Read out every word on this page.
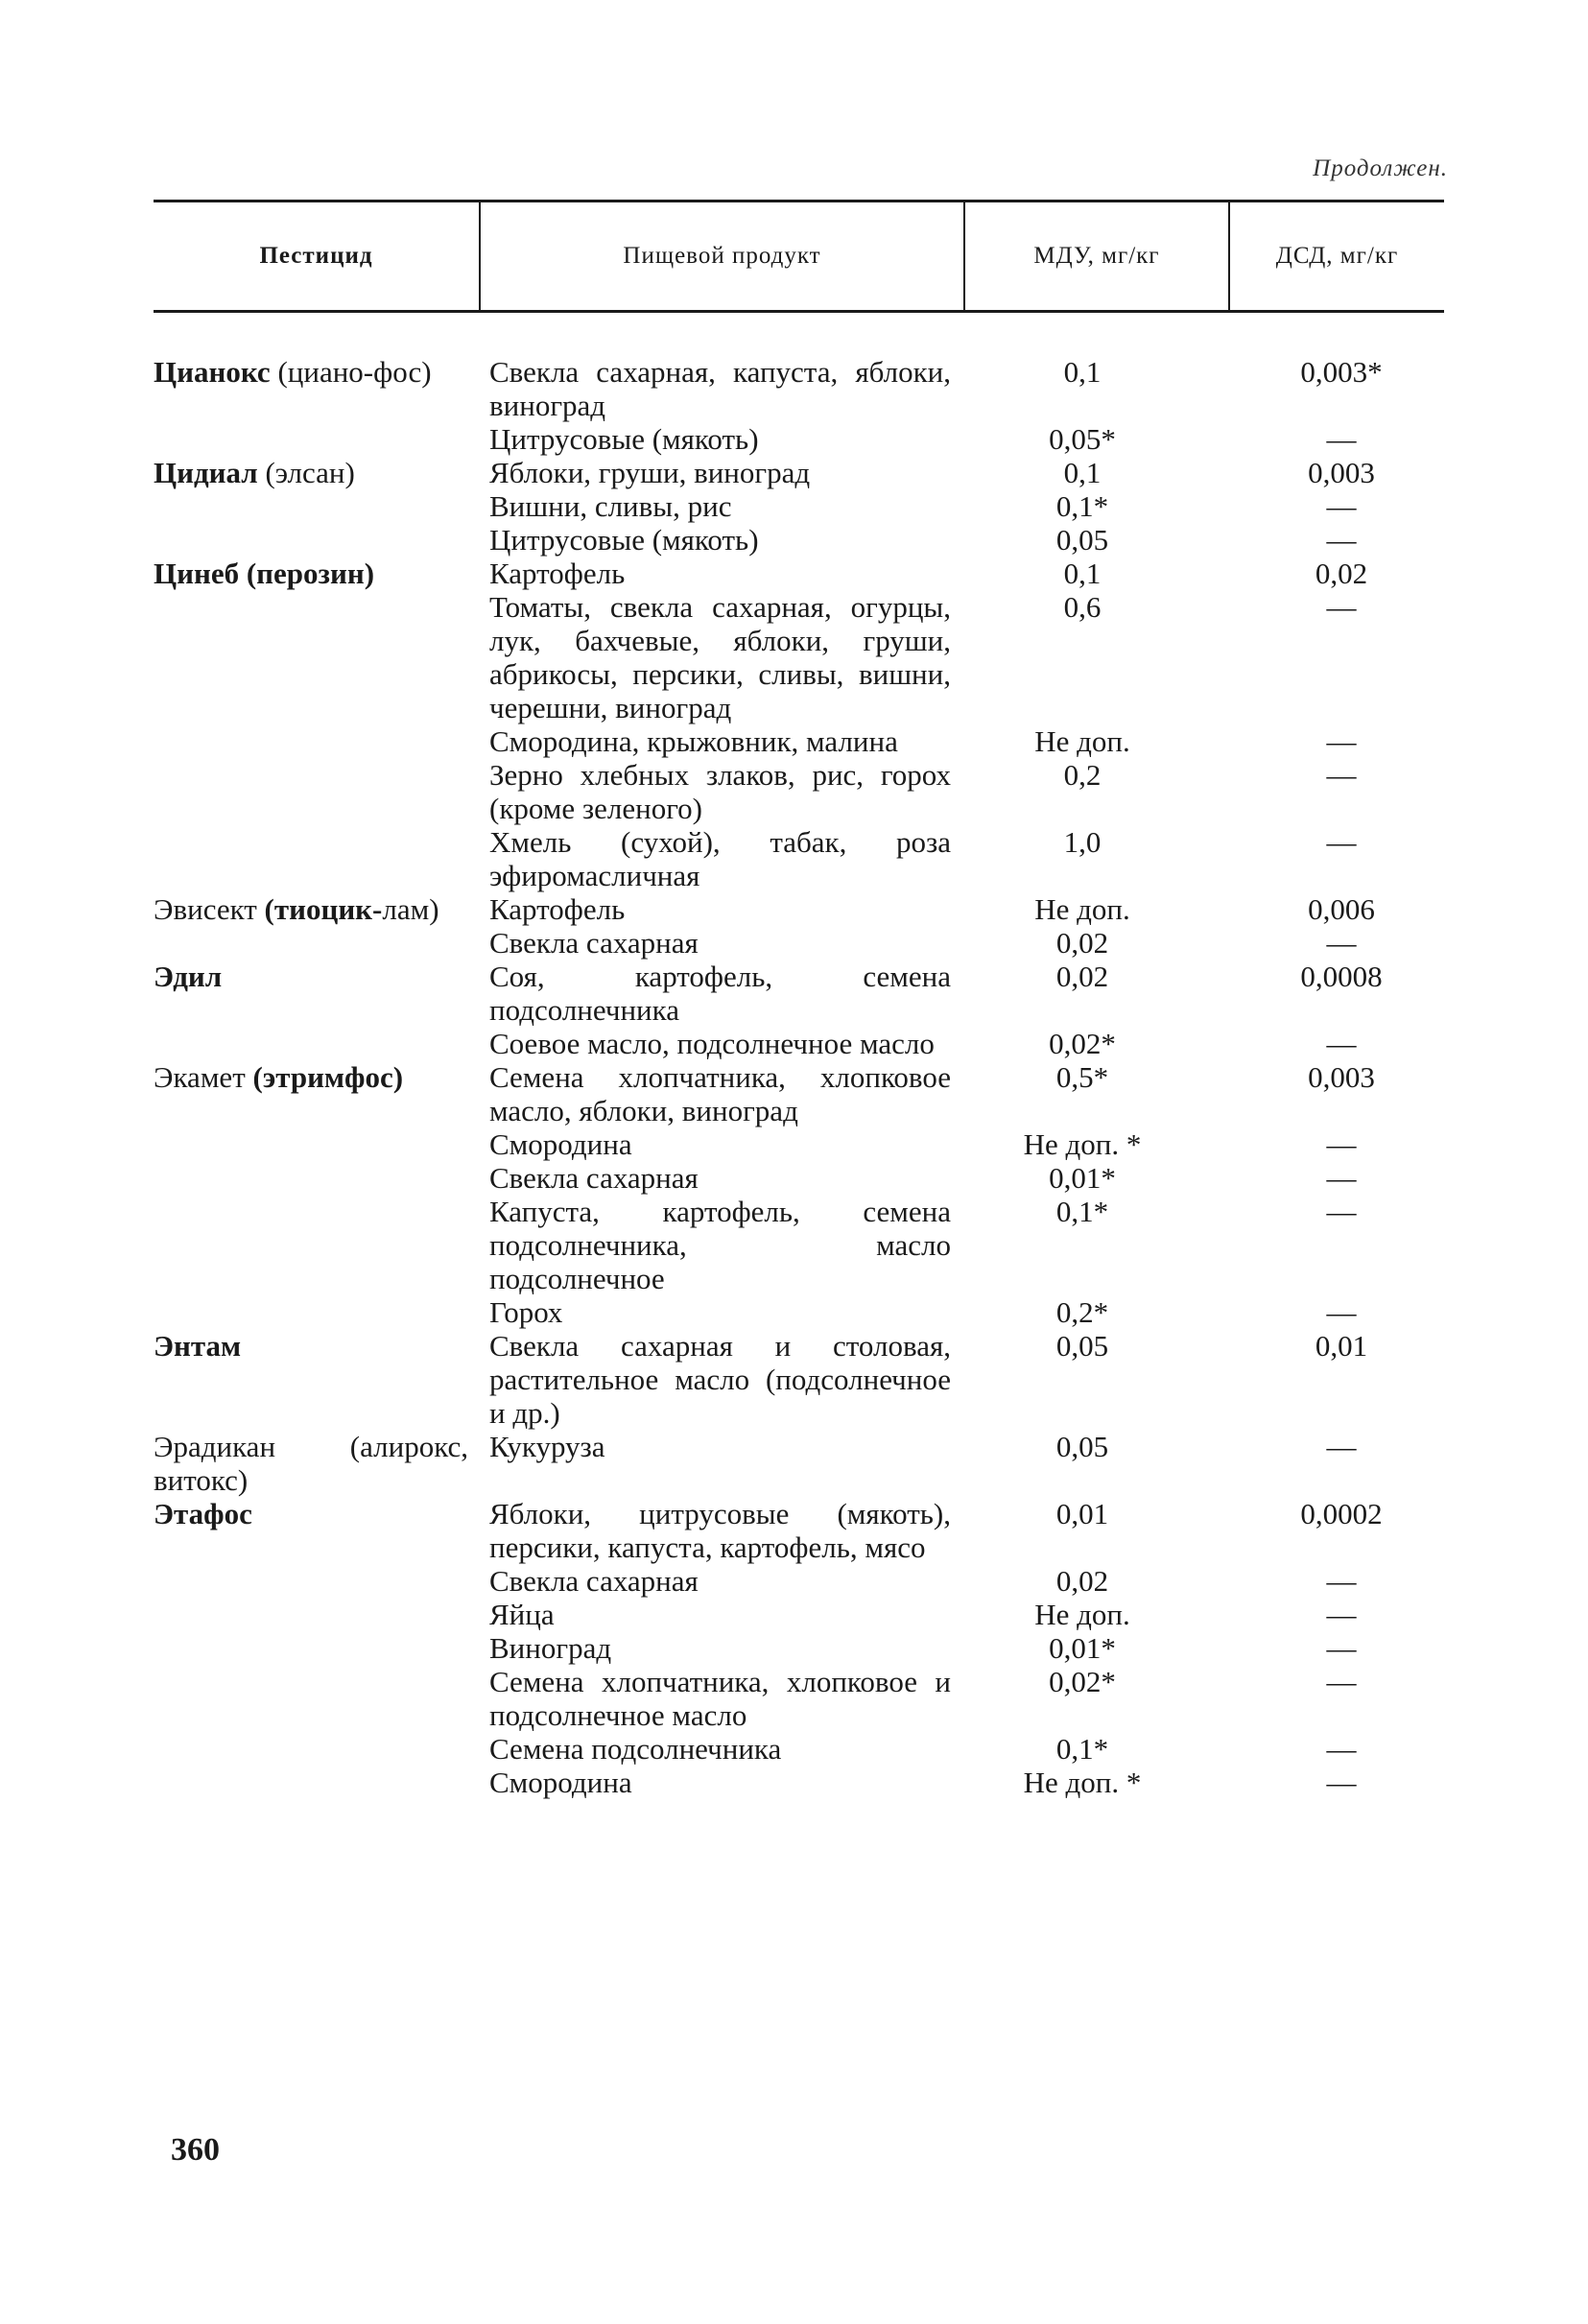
Продолжен.
Пестицид	Пищевой продукт	МДУ, мг/кг	ДСД, мг/кг

Цианокс (циано-фос)	Свекла сахарная, капуста, яблоки, виноград	0,1	0,003*
	Цитрусовые (мякоть)	0,05*	—
Цидиал (элсан)	Яблоки, груши, виноград	0,1	0,003
	Вишни, сливы, рис	0,1*	—
	Цитрусовые (мякоть)	0,05	—
Цинеб (перозин)	Картофель	0,1	0,02
	Томаты, свекла сахарная, огурцы, лук, бахчевые, яблоки, груши, абрикосы, персики, сливы, вишни, черешни, виноград	0,6	—
	Смородина, крыжовник, малина	Не доп.	—
	Зерно хлебных злаков, рис, горох (кроме зеленого)	0,2	—
	Хмель (сухой), табак, роза эфиромасличная	1,0	—
Эвисект (тиоцик-лам)	Картофель	Не доп.	0,006
	Свекла сахарная	0,02	—
Эдил	Соя, картофель, семена подсолнечника	0,02	0,0008
	Соевое масло, подсолнечное масло	0,02*	—
Экамет (этримфос)	Семена хлопчатника, хлопковое масло, яблоки, виноград	0,5*	0,003
	Смородина	Не доп. *	—
	Свекла сахарная	0,01*	—
	Капуста, картофель, семена подсолнечника, масло подсолнечное	0,1*	—
	Горох	0,2*	—
Энтам	Свекла сахарная и столовая, растительное масло (подсолнечное и др.)	0,05	0,01
Эрадикан (алирокс, витокс)	Кукуруза	0,05	—
Этафос	Яблоки, цитрусовые (мякоть), персики, капуста, картофель, мясо	0,01	0,0002
	Свекла сахарная	0,02	—
	Яйца	Не доп.	—
	Виноград	0,01*	—
	Семена хлопчатника, хлопковое и подсолнечное масло	0,02*	—
	Семена подсолнечника	0,1*	—
	Смородина	Не доп. *	—
360
